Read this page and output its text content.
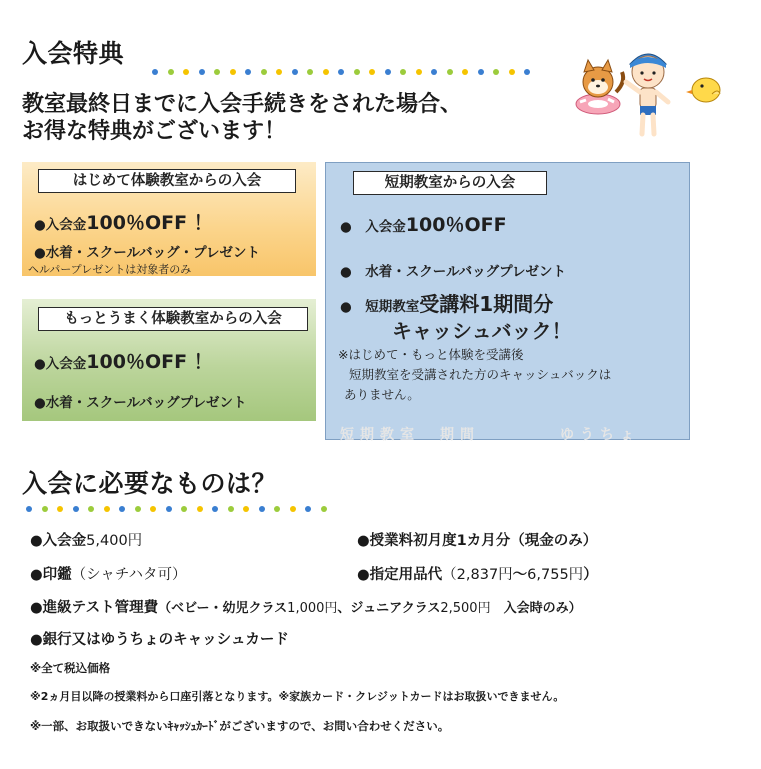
入会特典
教室最終日までに入会手続きをされた場合、
お得な特典がございます！
はじめて体験教室からの入会
●入会金100％OFF ！
●水着・スクールバッグ・プレゼント
ヘルパープレゼントは対象者のみ
もっとうまく体験教室からの入会
●入会金100％OFF ！
●水着・スクールバッグプレゼント
短期教室　期間　　　　ゆうちょ
短期教室からの入会
●　入会金100％OFF
●　水着・スクールバッグプレゼント
●　短期教室受講料1期間分
キャッシュバック！
※はじめて・もっと体験を受講後
短期教室を受講された方のキャッシュバックは
ありません。
入会に必要なものは？
●入会金5,400円	●授業料初月度1カ月分（現金のみ）
●印鑑（シャチハタ可）	●指定用品代（2,837円～6,755円）
●進級テスト管理費（ベビー・幼児クラス1,000円、ジュニアクラス2,500円　入会時のみ）
●銀行又はゆうちょのキャッシュカード
※全て税込価格
※2ヵ月目以降の授業料から口座引落となります。※家族カード・クレジットカードはお取扱いできません。
※一部、お取扱いできないｷｬｯｼｭｶｰﾄﾞがございますので、お問い合わせください。
